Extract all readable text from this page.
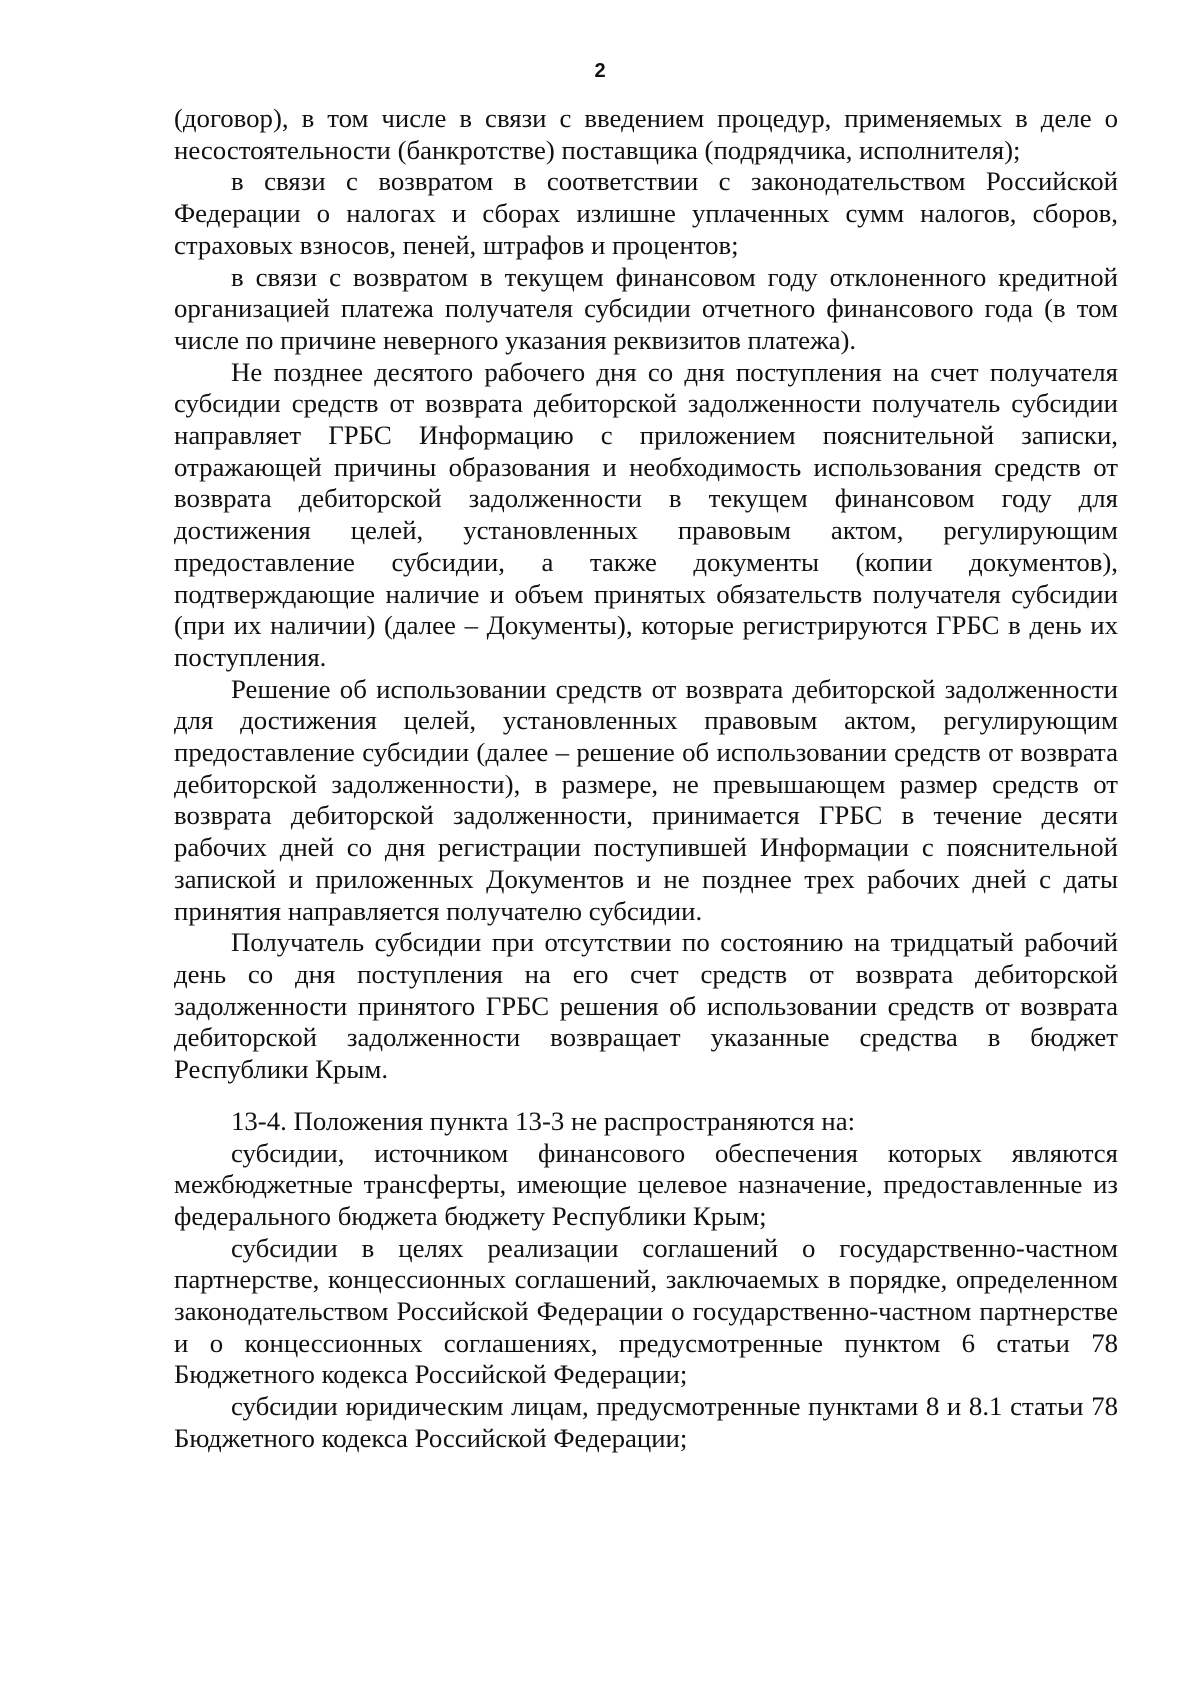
2

(договор), в том числе в связи с введением процедур, применяемых в деле о несостоятельности (банкротстве) поставщика (подрядчика, исполнителя);

в связи с возвратом в соответствии с законодательством Российской Федерации о налогах и сборах излишне уплаченных сумм налогов, сборов, страховых взносов, пеней, штрафов и процентов;

в связи с возвратом в текущем финансовом году отклоненного кредитной организацией платежа получателя субсидии отчетного финансового года (в том числе по причине неверного указания реквизитов платежа).

Не позднее десятого рабочего дня со дня поступления на счет получателя субсидии средств от возврата дебиторской задолженности получатель субсидии направляет ГРБС Информацию с приложением пояснительной записки, отражающей причины образования и необходимость использования средств от возврата дебиторской задолженности в текущем финансовом году для достижения целей, установленных правовым актом, регулирующим предоставление субсидии, а также документы (копии документов), подтверждающие наличие и объем принятых обязательств получателя субсидии (при их наличии) (далее – Документы), которые регистрируются ГРБС в день их поступления.

Решение об использовании средств от возврата дебиторской задолженности для достижения целей, установленных правовым актом, регулирующим предоставление субсидии (далее – решение об использовании средств от возврата дебиторской задолженности), в размере, не превышающем размер средств от возврата дебиторской задолженности, принимается ГРБС в течение десяти рабочих дней со дня регистрации поступившей Информации с пояснительной запиской и приложенных Документов и не позднее трех рабочих дней с даты принятия направляется получателю субсидии.

Получатель субсидии при отсутствии по состоянию на тридцатый рабочий день со дня поступления на его счет средств от возврата дебиторской задолженности принятого ГРБС решения об использовании средств от возврата дебиторской задолженности возвращает указанные средства в бюджет Республики Крым.

13-4. Положения пункта 13-3 не распространяются на:

субсидии, источником финансового обеспечения которых являются межбюджетные трансферты, имеющие целевое назначение, предоставленные из федерального бюджета бюджету Республики Крым;

субсидии в целях реализации соглашений о государственно-частном партнерстве, концессионных соглашений, заключаемых в порядке, определенном законодательством Российской Федерации о государственно-частном партнерстве и о концессионных соглашениях, предусмотренные пунктом 6 статьи 78 Бюджетного кодекса Российской Федерации;

субсидии юридическим лицам, предусмотренные пунктами 8 и 8.1 статьи 78 Бюджетного кодекса Российской Федерации;
